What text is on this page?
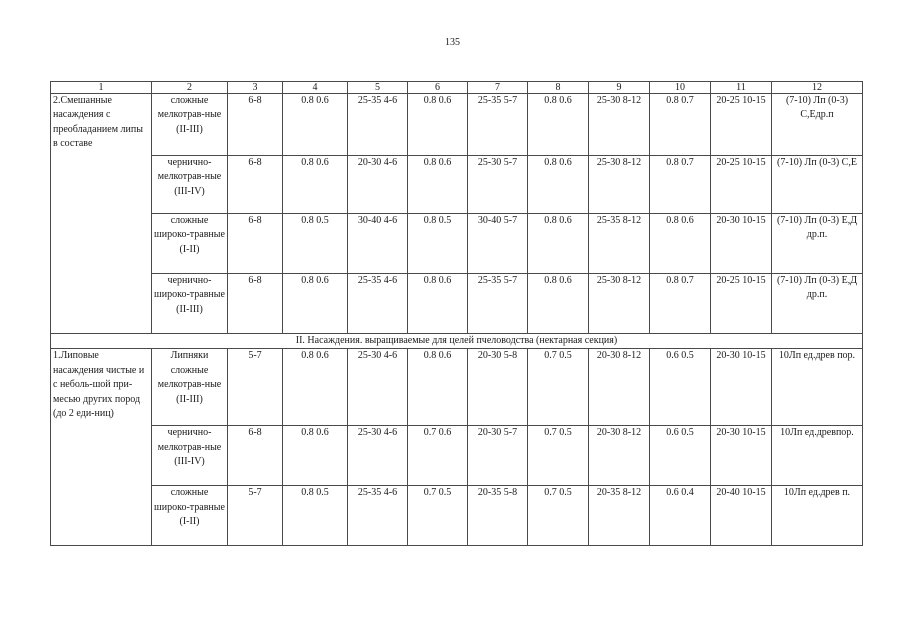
135
1	2	3	4	5	6	7	8	9	10	11	12
2.Смешанные насаждения с преобладанием липы в составе	сложные мелкотрав-ные (II-III)	6-8	0.8 0.6	25-35 4-6	0.8 0.6	25-35 5-7	0.8 0.6	25-30 8-12	0.8 0.7	20-25 10-15	(7-10) Лп (0-3) С,Едр.п
	чернично-мелкотрав-ные (III-IV)	6-8	0.8 0.6	20-30 4-6	0.8 0.6	25-30 5-7	0.8 0.6	25-30 8-12	0.8 0.7	20-25 10-15	(7-10) Лп (0-3) С,Е
	сложные широко-травные (I-II)	6-8	0.8 0.5	30-40 4-6	0.8 0.5	30-40 5-7	0.8 0.6	25-35 8-12	0.8 0.6	20-30 10-15	(7-10) Лп (0-3) Е,Д др.п.
	чернично-широко-травные (II-III)	6-8	0.8 0.6	25-35 4-6	0.8 0.6	25-35 5-7	0.8 0.6	25-30 8-12	0.8 0.7	20-25 10-15	(7-10) Лп (0-3) Е,Д др.п.
II. Насаждения. выращиваемые для целей пчеловодства (нектарная секция)											
1.Липовые насаждения чистые и с неболь-шой при-месью других пород (до 2 еди-ниц)	Липняки сложные мелкотрав-ные (II-III)	5-7	0.8 0.6	25-30 4-6	0.8 0.6	20-30 5-8	0.7 0.5	20-30 8-12	0.6 0.5	20-30 10-15	10Лп ед.древ пор.
	чернично-мелкотрав-ные (III-IV)	6-8	0.8 0.6	25-30 4-6	0.7 0.6	20-30 5-7	0.7 0.5	20-30 8-12	0.6 0.5	20-30 10-15	10Лп ед.древпор.
	сложные широко-травные (I-II)	5-7	0.8 0.5	25-35 4-6	0.7 0.5	20-35 5-8	0.7 0.5	20-35 8-12	0.6 0.4	20-40 10-15	10Лп ед.древ п.
